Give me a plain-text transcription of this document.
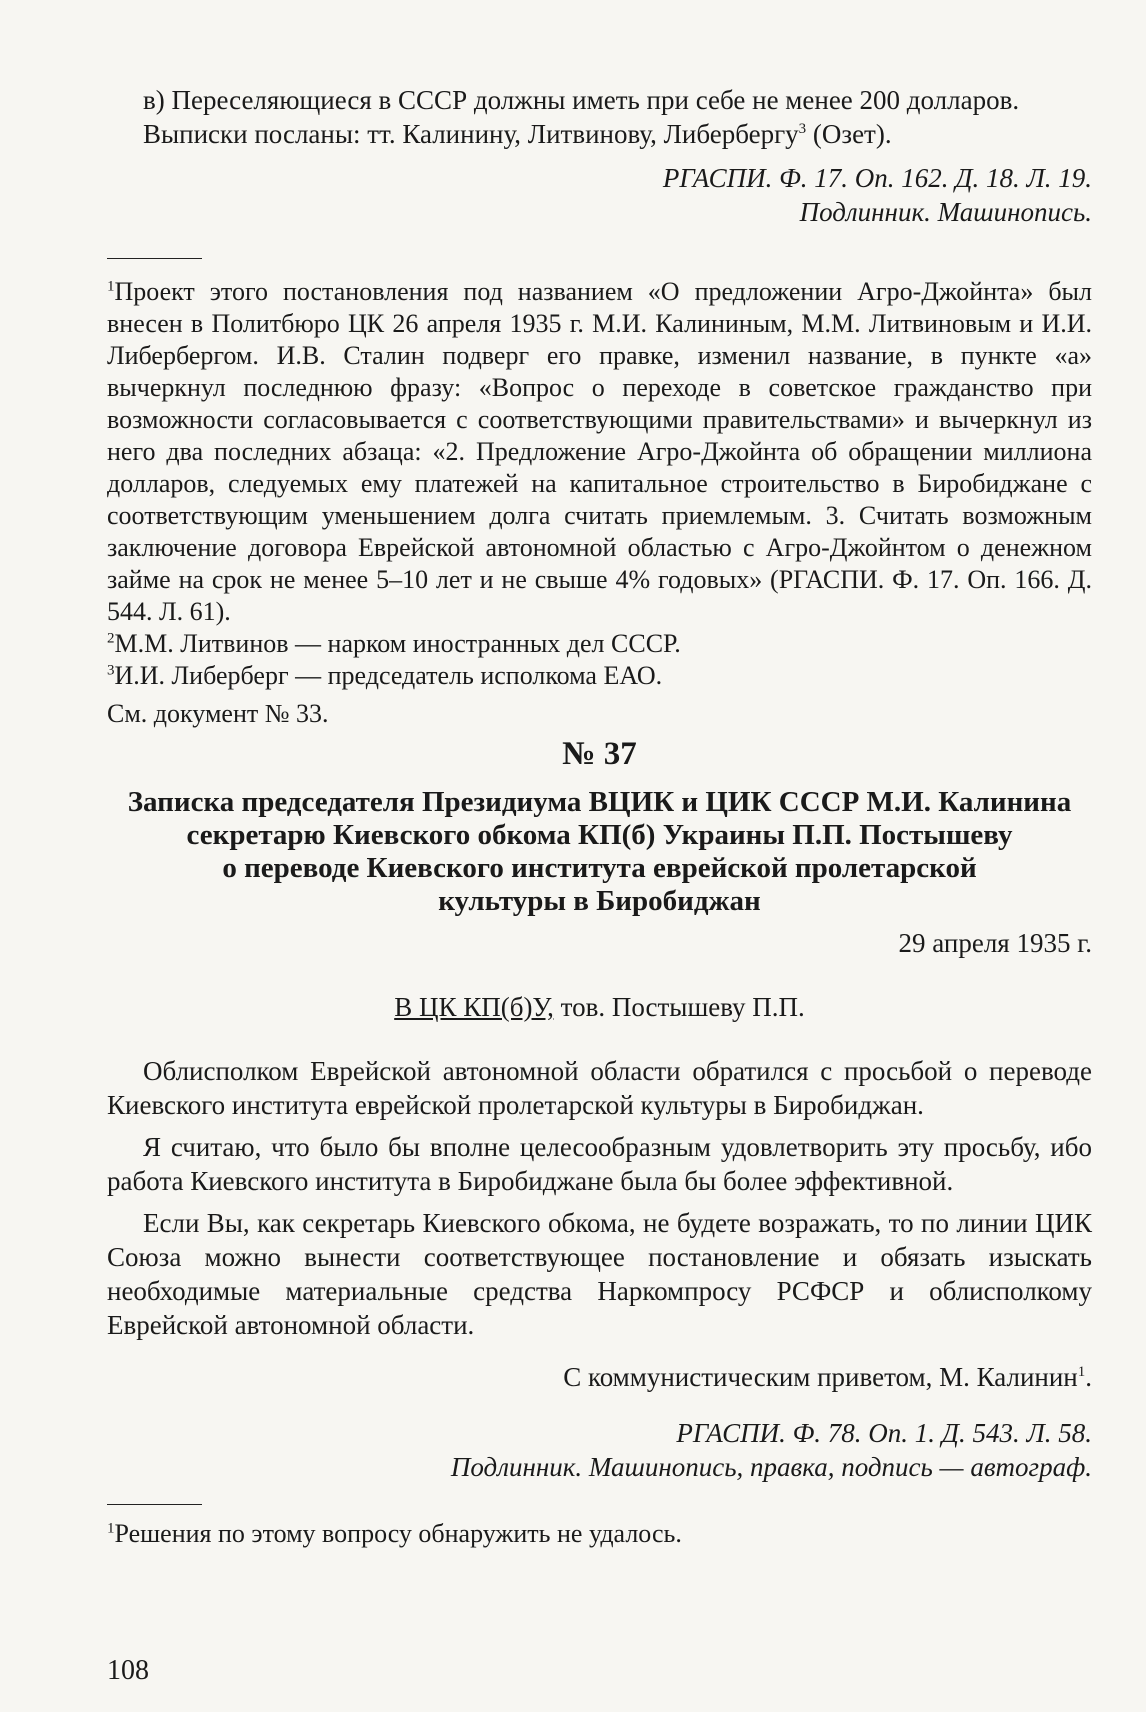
в) Переселяющиеся в СССР должны иметь при себе не менее 200 долларов.

Выписки посланы: тт. Калинину, Литвинову, Либербергу$^3$ (Озет).

РГАСПИ. Ф. 17. Оп. 162. Д. 18. Л. 19.

Подлинник. Машинопись.

$^1$Проект этого постановления под названием «О предложении Агро-Джойнта» был внесен в Политбюро ЦК 26 апреля 1935 г. М.И. Калининым, М.М. Литвиновым и И.И. Либербергом. И.В. Сталин подверг его правке, изменил название, в пункте «а» вычеркнул последнюю фразу: «Вопрос о переходе в советское гражданство при возможности согласовывается с соответствующими правительствами» и вычеркнул из него два последних абзаца: «2. Предложение Агро-Джойнта об обращении миллиона долларов, следуемых ему платежей на капитальное строительство в Биробиджане с соответствующим уменьшением долга считать приемлемым. 3. Считать возможным заключение договора Еврейской автономной областью с Агро-Джойнтом о денежном займе на срок не менее 5–10 лет и не свыше 4% годовых» (РГАСПИ. Ф. 17. Оп. 166. Д. 544. Л. 61).

$^2$М.М. Литвинов — нарком иностранных дел СССР.

$^3$И.И. Либерберг — председатель исполкома ЕАО.

См. документ № 33.

№ 37
Записка председателя Президиума ВЦИК и ЦИК СССР М.И. Калинина
секретарю Киевского обкома КП(б) Украины П.П. Постышеву
о переводе Киевского института еврейской пролетарской
культуры в Биробиджан

29 апреля 1935 г.

В ЦК КП(б)У, тов. Постышеву П.П.

Облисполком Еврейской автономной области обратился с просьбой о переводе Киевского института еврейской пролетарской культуры в Биробиджан.

Я считаю, что было бы вполне целесообразным удовлетворить эту просьбу, ибо работа Киевского института в Биробиджане была бы более эффективной.

Если Вы, как секретарь Киевского обкома, не будете возражать, то по линии ЦИК Союза можно вынести соответствующее постановление и обязать изыскать необходимые материальные средства Наркомпросу РСФСР и облисполкому Еврейской автономной области.

С коммунистическим приветом, М. Калинин$^1$.

РГАСПИ. Ф. 78. Оп. 1. Д. 543. Л. 58.

Подлинник. Машинопись, правка, подпись — автограф.

$^1$Решения по этому вопросу обнаружить не удалось.

108
